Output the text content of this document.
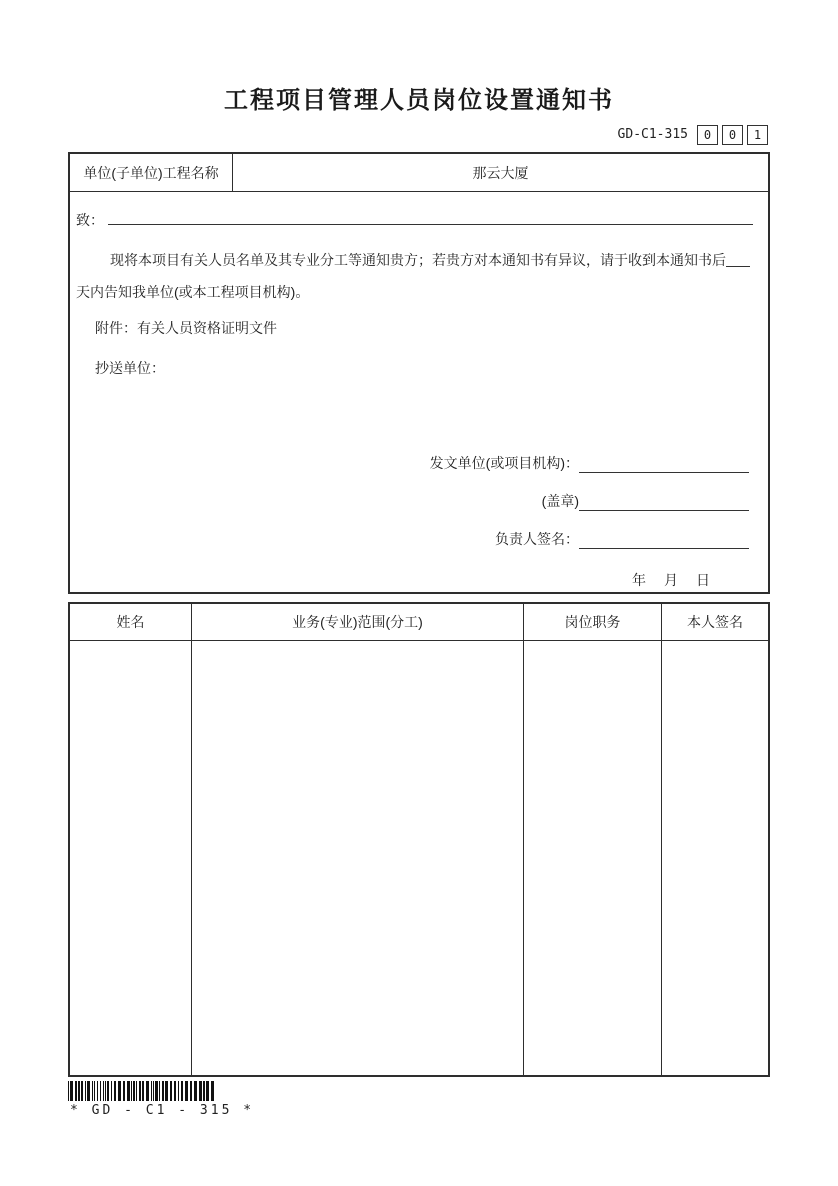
工程项目管理人员岗位设置通知书
GD-C1-315	0	0	1
单位(子单位)工程名称	那云大厦
致：
现将本项目有关人员名单及其专业分工等通知贵方；若贵方对本通知书有异议，请于收到本通知书后
天内告知我单位(或本工程项目机构)。
附件：有关人员资格证明文件
抄送单位：
发文单位(或项目机构)：
(盖章)
负责人签名：
年　月　日
姓名	业务(专业)范围(分工)	岗位职务	本人签名
* GD - C1 - 315 *
